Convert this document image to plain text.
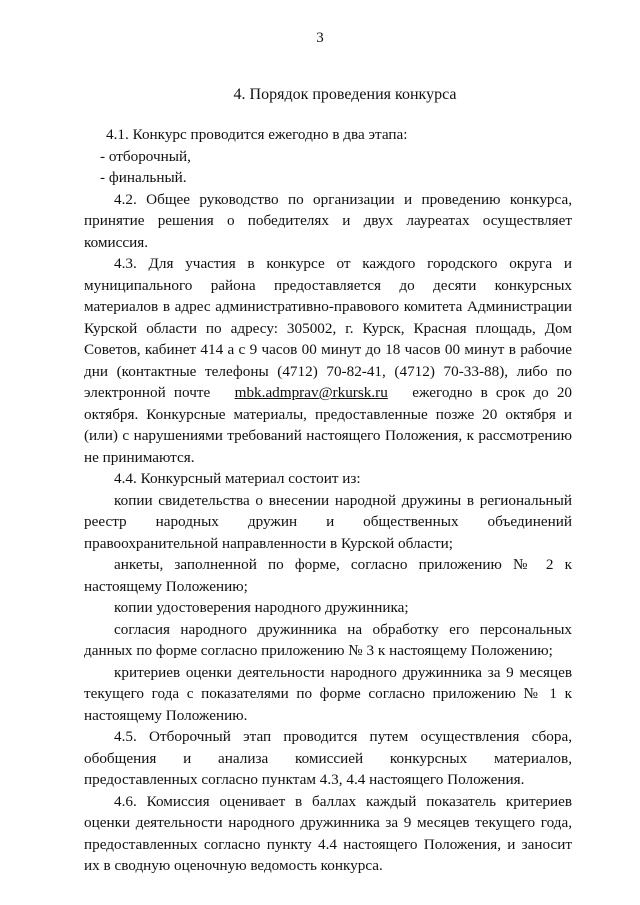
3
4. Порядок проведения конкурса

4.1. Конкурс проводится ежегодно в два этапа:

- отборочный,

- финальный.

4.2. Общее руководство по организации и проведению конкурса, принятие решения о победителях и двух лауреатах осуществляет комиссия.

4.3. Для участия в конкурсе от каждого городского округа и муниципального района предоставляется до десяти конкурсных материалов в адрес административно-правового комитета Администрации Курской области по адресу: 305002, г. Курск, Красная площадь, Дом Советов, кабинет 414 а с 9 часов 00 минут до 18 часов 00 минут в рабочие дни (контактные телефоны (4712) 70-82-41, (4712) 70-33-88), либо по электронной почте mbk.admprav@rkursk.ru ежегодно в срок до 20 октября. Конкурсные материалы, предоставленные позже 20 октября и (или) с нарушениями требований настоящего Положения, к рассмотрению не принимаются.

4.4. Конкурсный материал состоит из:

копии свидетельства о внесении народной дружины в региональный реестр народных дружин и общественных объединений правоохранительной направленности в Курской области;

анкеты, заполненной по форме, согласно приложению № 2 к настоящему Положению;

копии удостоверения народного дружинника;

согласия народного дружинника на обработку его персональных данных по форме согласно приложению № 3 к настоящему Положению;

критериев оценки деятельности народного дружинника за 9 месяцев текущего года с показателями по форме согласно приложению № 1 к настоящему Положению.

4.5. Отборочный этап проводится путем осуществления сбора, обобщения и анализа комиссией конкурсных материалов, предоставленных согласно пунктам 4.3, 4.4 настоящего Положения.

4.6. Комиссия оценивает в баллах каждый показатель критериев оценки деятельности народного дружинника за 9 месяцев текущего года, предоставленных согласно пункту 4.4 настоящего Положения, и заносит их в сводную оценочную ведомость конкурса.
